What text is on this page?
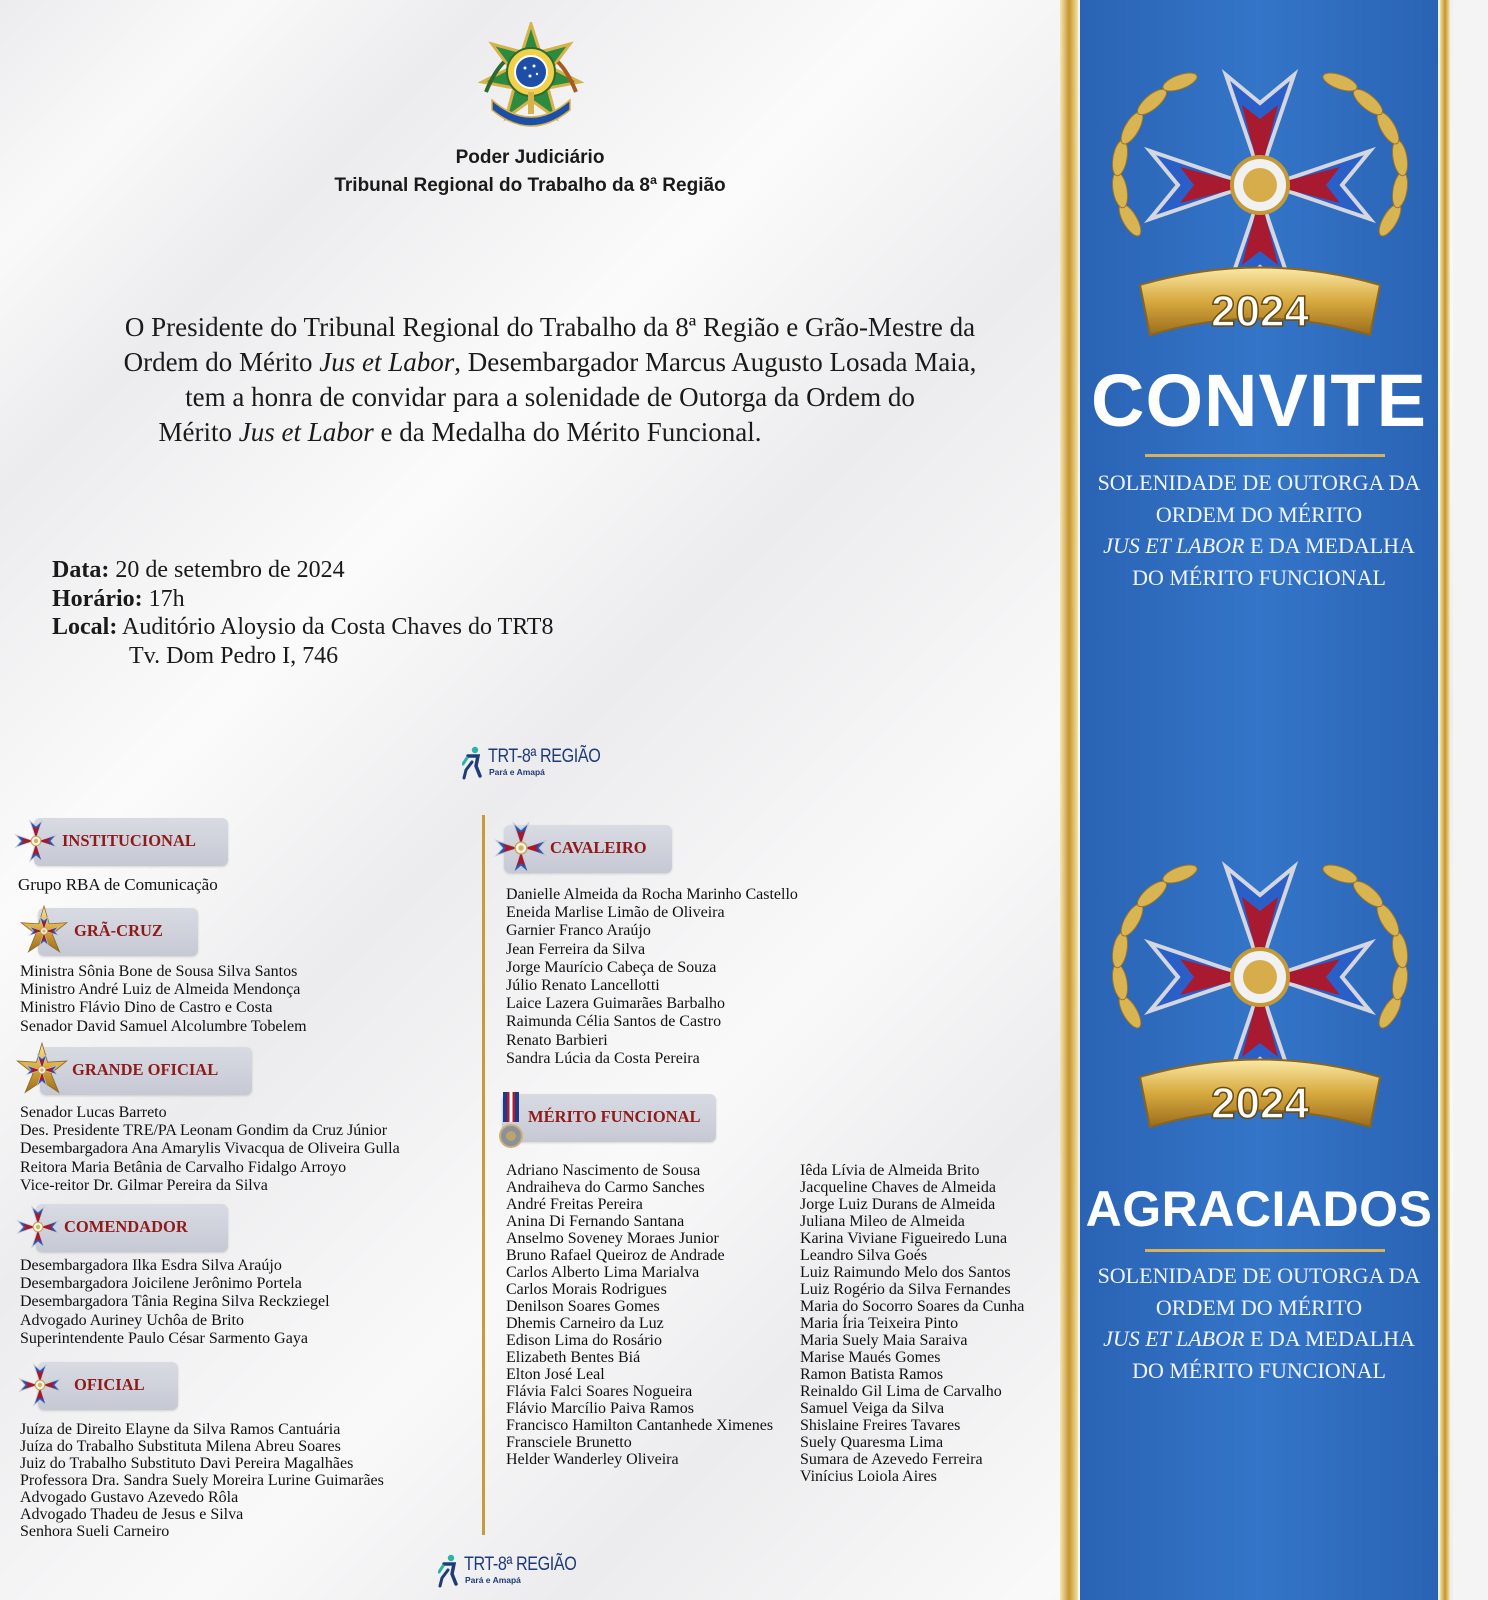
Poder Judiciário
Tribunal Regional do Trabalho da 8ª Região

O Presidente do Tribunal Regional do Trabalho da 8ª Região e Grão-Mestre da

Ordem do Mérito Jus et Labor, Desembargador Marcus Augusto Losada Maia,

tem a honra de convidar para a solenidade de Outorga da Ordem do

Mérito Jus et Labor e da Medalha do Mérito Funcional.

Data: 20 de setembro de 2024
Horário: 17h
Local: Auditório Aloysio da Costa Chaves do TRT8
Tv. Dom Pedro I, 746
TRT-8ª REGIÃO
Pará e Amapá
INSTITUCIONAL
Grupo RBA de Comunicação
GRÃ-CRUZ
Ministra Sônia Bone de Sousa Silva Santos
Ministro André Luiz de Almeida Mendonça
Ministro Flávio Dino de Castro e Costa
Senador David Samuel Alcolumbre Tobelem
GRANDE OFICIAL
Senador Lucas Barreto
Des. Presidente TRE/PA Leonam Gondim da Cruz Júnior
Desembargadora Ana Amarylis Vivacqua de Oliveira Gulla
Reitora Maria Betânia de Carvalho Fidalgo Arroyo
Vice-reitor Dr. Gilmar Pereira da Silva
COMENDADOR
Desembargadora Ilka Esdra Silva Araújo
Desembargadora Joicilene Jerônimo Portela
Desembargadora Tânia Regina Silva Reckziegel
Advogado Auriney Uchôa de Brito
Superintendente Paulo César Sarmento Gaya
OFICIAL
Juíza de Direito Elayne da Silva Ramos Cantuária
Juíza do Trabalho Substituta Milena Abreu Soares
Juiz do Trabalho Substituto Davi Pereira Magalhães
Professora Dra. Sandra Suely Moreira Lurine Guimarães
Advogado Gustavo Azevedo Rôla
Advogado Thadeu de Jesus e Silva
Senhora Sueli Carneiro
CAVALEIRO
Danielle Almeida da Rocha Marinho Castello
Eneida Marlise Limão de Oliveira
Garnier Franco Araújo
Jean Ferreira da Silva
Jorge Maurício Cabeça de Souza
Júlio Renato Lancellotti
Laice Lazera Guimarães Barbalho
Raimunda Célia Santos de Castro
Renato Barbieri
Sandra Lúcia da Costa Pereira
MÉRITO FUNCIONAL
Adriano Nascimento de Sousa
Andraiheva do Carmo Sanches
André Freitas Pereira
Anina Di Fernando Santana
Anselmo Soveney Moraes Junior
Bruno Rafael Queiroz de Andrade
Carlos Alberto Lima Marialva
Carlos Morais Rodrigues
Denilson Soares Gomes
Dhemis Carneiro da Luz
Edison Lima do Rosário
Elizabeth Bentes Biá
Elton José Leal
Flávia Falci Soares Nogueira
Flávio Marcílio Paiva Ramos
Francisco Hamilton Cantanhede Ximenes
Fransciele Brunetto
Helder Wanderley Oliveira
Iêda Lívia de Almeida Brito
Jacqueline Chaves de Almeida
Jorge Luiz Durans de Almeida
Juliana Mileo de Almeida
Karina Viviane Figueiredo Luna
Leandro Silva Goés
Luiz Raimundo Melo dos Santos
Luiz Rogério da Silva Fernandes
Maria do Socorro Soares da Cunha
Maria Íria Teixeira Pinto
Maria Suely Maia Saraiva
Marise Maués Gomes
Ramon Batista Ramos
Reinaldo Gil Lima de Carvalho
Samuel Veiga da Silva
Shislaine Freires Tavares
Suely Quaresma Lima
Sumara de Azevedo Ferreira
Vinícius Loiola Aires
TRT-8ª REGIÃO
Pará e Amapá
2024
CONVITE
SOLENIDADE DE OUTORGA DA
ORDEM DO MÉRITO
JUS ET LABOR E DA MEDALHA
DO MÉRITO FUNCIONAL
2024
AGRACIADOS
SOLENIDADE DE OUTORGA DA
ORDEM DO MÉRITO
JUS ET LABOR E DA MEDALHA
DO MÉRITO FUNCIONAL
